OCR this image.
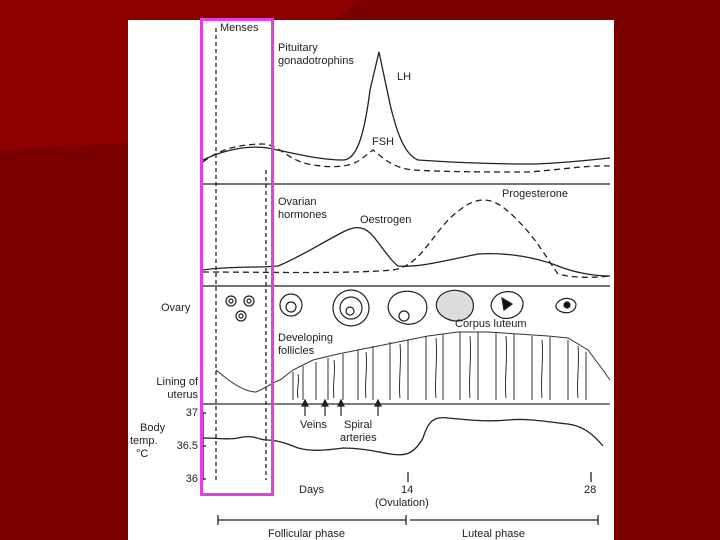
Menses
Pituitary
gonadotrophins
LH
FSH
Ovarian
hormones	Oestrogen
Progesterone
Ovary
Corpus luteum
Developing
follicles
Lining of
uterus
Veins Spiral
arteries
Body
temp.
°C
37
36.5
36
Days	14
(Ovulation)
28
Follicular phase	Luteal phase
